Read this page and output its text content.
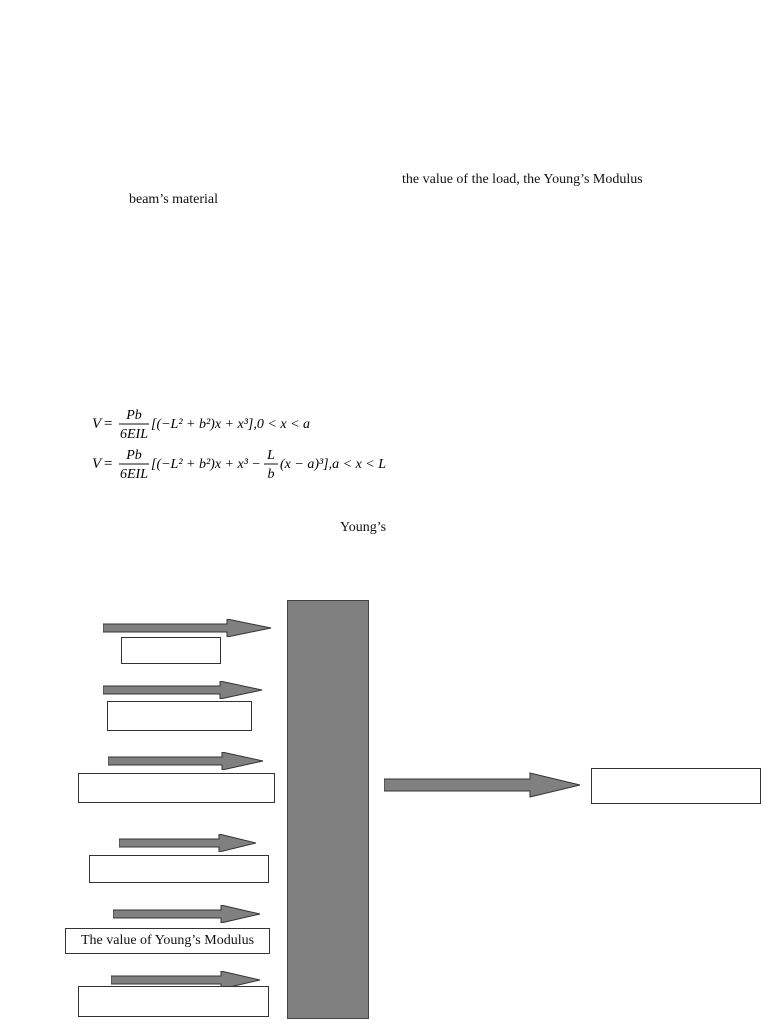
the value of the load, the Young’s Modulus
beam’s material
V =
Pb
6EIL
[(−L² + b²)x + x³],0 < x < a
V =
Pb
6EIL
[(−L² + b²)x + x³ −
L
b
(x − a)³],a < x < L
Young’s
The value of Young’s Modulus
